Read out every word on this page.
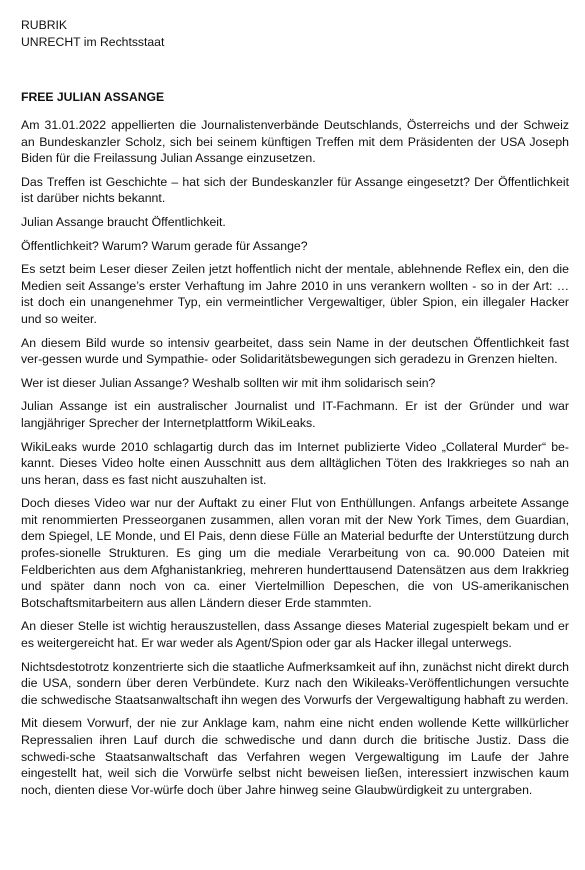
RUBRIK
UNRECHT im Rechtsstaat
FREE JULIAN ASSANGE

Am 31.01.2022 appellierten die Journalistenverbände Deutschlands, Österreichs und der Schweiz an Bundeskanzler Scholz, sich bei seinem künftigen Treffen mit dem Präsidenten der USA Joseph Biden für die Freilassung Julian Assange einzusetzen.

Das Treffen ist Geschichte – hat sich der Bundeskanzler für Assange eingesetzt? Der Öffentlichkeit ist darüber nichts bekannt.

Julian Assange braucht Öffentlichkeit.

Öffentlichkeit? Warum? Warum gerade für Assange?

Es setzt beim Leser dieser Zeilen jetzt hoffentlich nicht der mentale, ablehnende Reflex ein, den die Medien seit Assange’s erster Verhaftung im Jahre 2010 in uns verankern wollten - so in der Art: … ist doch ein unangenehmer Typ, ein vermeintlicher Vergewaltiger, übler Spion, ein illegaler Hacker und so weiter.

An diesem Bild wurde so intensiv gearbeitet, dass sein Name in der deutschen Öffentlichkeit fast ver-gessen wurde und Sympathie- oder Solidaritätsbewegungen sich geradezu in Grenzen hielten.

Wer ist dieser Julian Assange? Weshalb sollten wir mit ihm solidarisch sein?

Julian Assange ist ein australischer Journalist und IT-Fachmann. Er ist der Gründer und war langjähriger Sprecher der Internetplattform WikiLeaks.

WikiLeaks wurde 2010 schlagartig durch das im Internet publizierte Video „Collateral Murder“ be-kannt. Dieses Video holte einen Ausschnitt aus dem alltäglichen Töten des Irakkrieges so nah an uns heran, dass es fast nicht auszuhalten ist.

Doch dieses Video war nur der Auftakt zu einer Flut von Enthüllungen. Anfangs arbeitete Assange mit renommierten Presseorganen zusammen, allen voran mit der New York Times, dem Guardian, dem Spiegel, LE Monde, und El Pais, denn diese Fülle an Material bedurfte der Unterstützung durch profes-sionelle Strukturen. Es ging um die mediale Verarbeitung von ca. 90.000 Dateien mit Feldberichten aus dem Afghanistankrieg, mehreren hunderttausend Datensätzen aus dem Irakkrieg und später dann noch von ca. einer Viertelmillion Depeschen, die von US-amerikanischen Botschaftsmitarbeitern aus allen Ländern dieser Erde stammten.

An dieser Stelle ist wichtig herauszustellen, dass Assange dieses Material zugespielt bekam und er es weitergereicht hat. Er war weder als Agent/Spion oder gar als Hacker illegal unterwegs.

Nichtsdestotrotz konzentrierte sich die staatliche Aufmerksamkeit auf ihn, zunächst nicht direkt durch die USA, sondern über deren Verbündete. Kurz nach den Wikileaks-Veröffentlichungen versuchte die schwedische Staatsanwaltschaft ihn wegen des Vorwurfs der Vergewaltigung habhaft zu werden.

Mit diesem Vorwurf, der nie zur Anklage kam, nahm eine nicht enden wollende Kette willkürlicher Repressalien ihren Lauf durch die schwedische und dann durch die britische Justiz. Dass die schwedi-sche Staatsanwaltschaft das Verfahren wegen Vergewaltigung im Laufe der Jahre eingestellt hat, weil sich die Vorwürfe selbst nicht beweisen ließen, interessiert inzwischen kaum noch, dienten diese Vor-würfe doch über Jahre hinweg seine Glaubwürdigkeit zu untergraben.
